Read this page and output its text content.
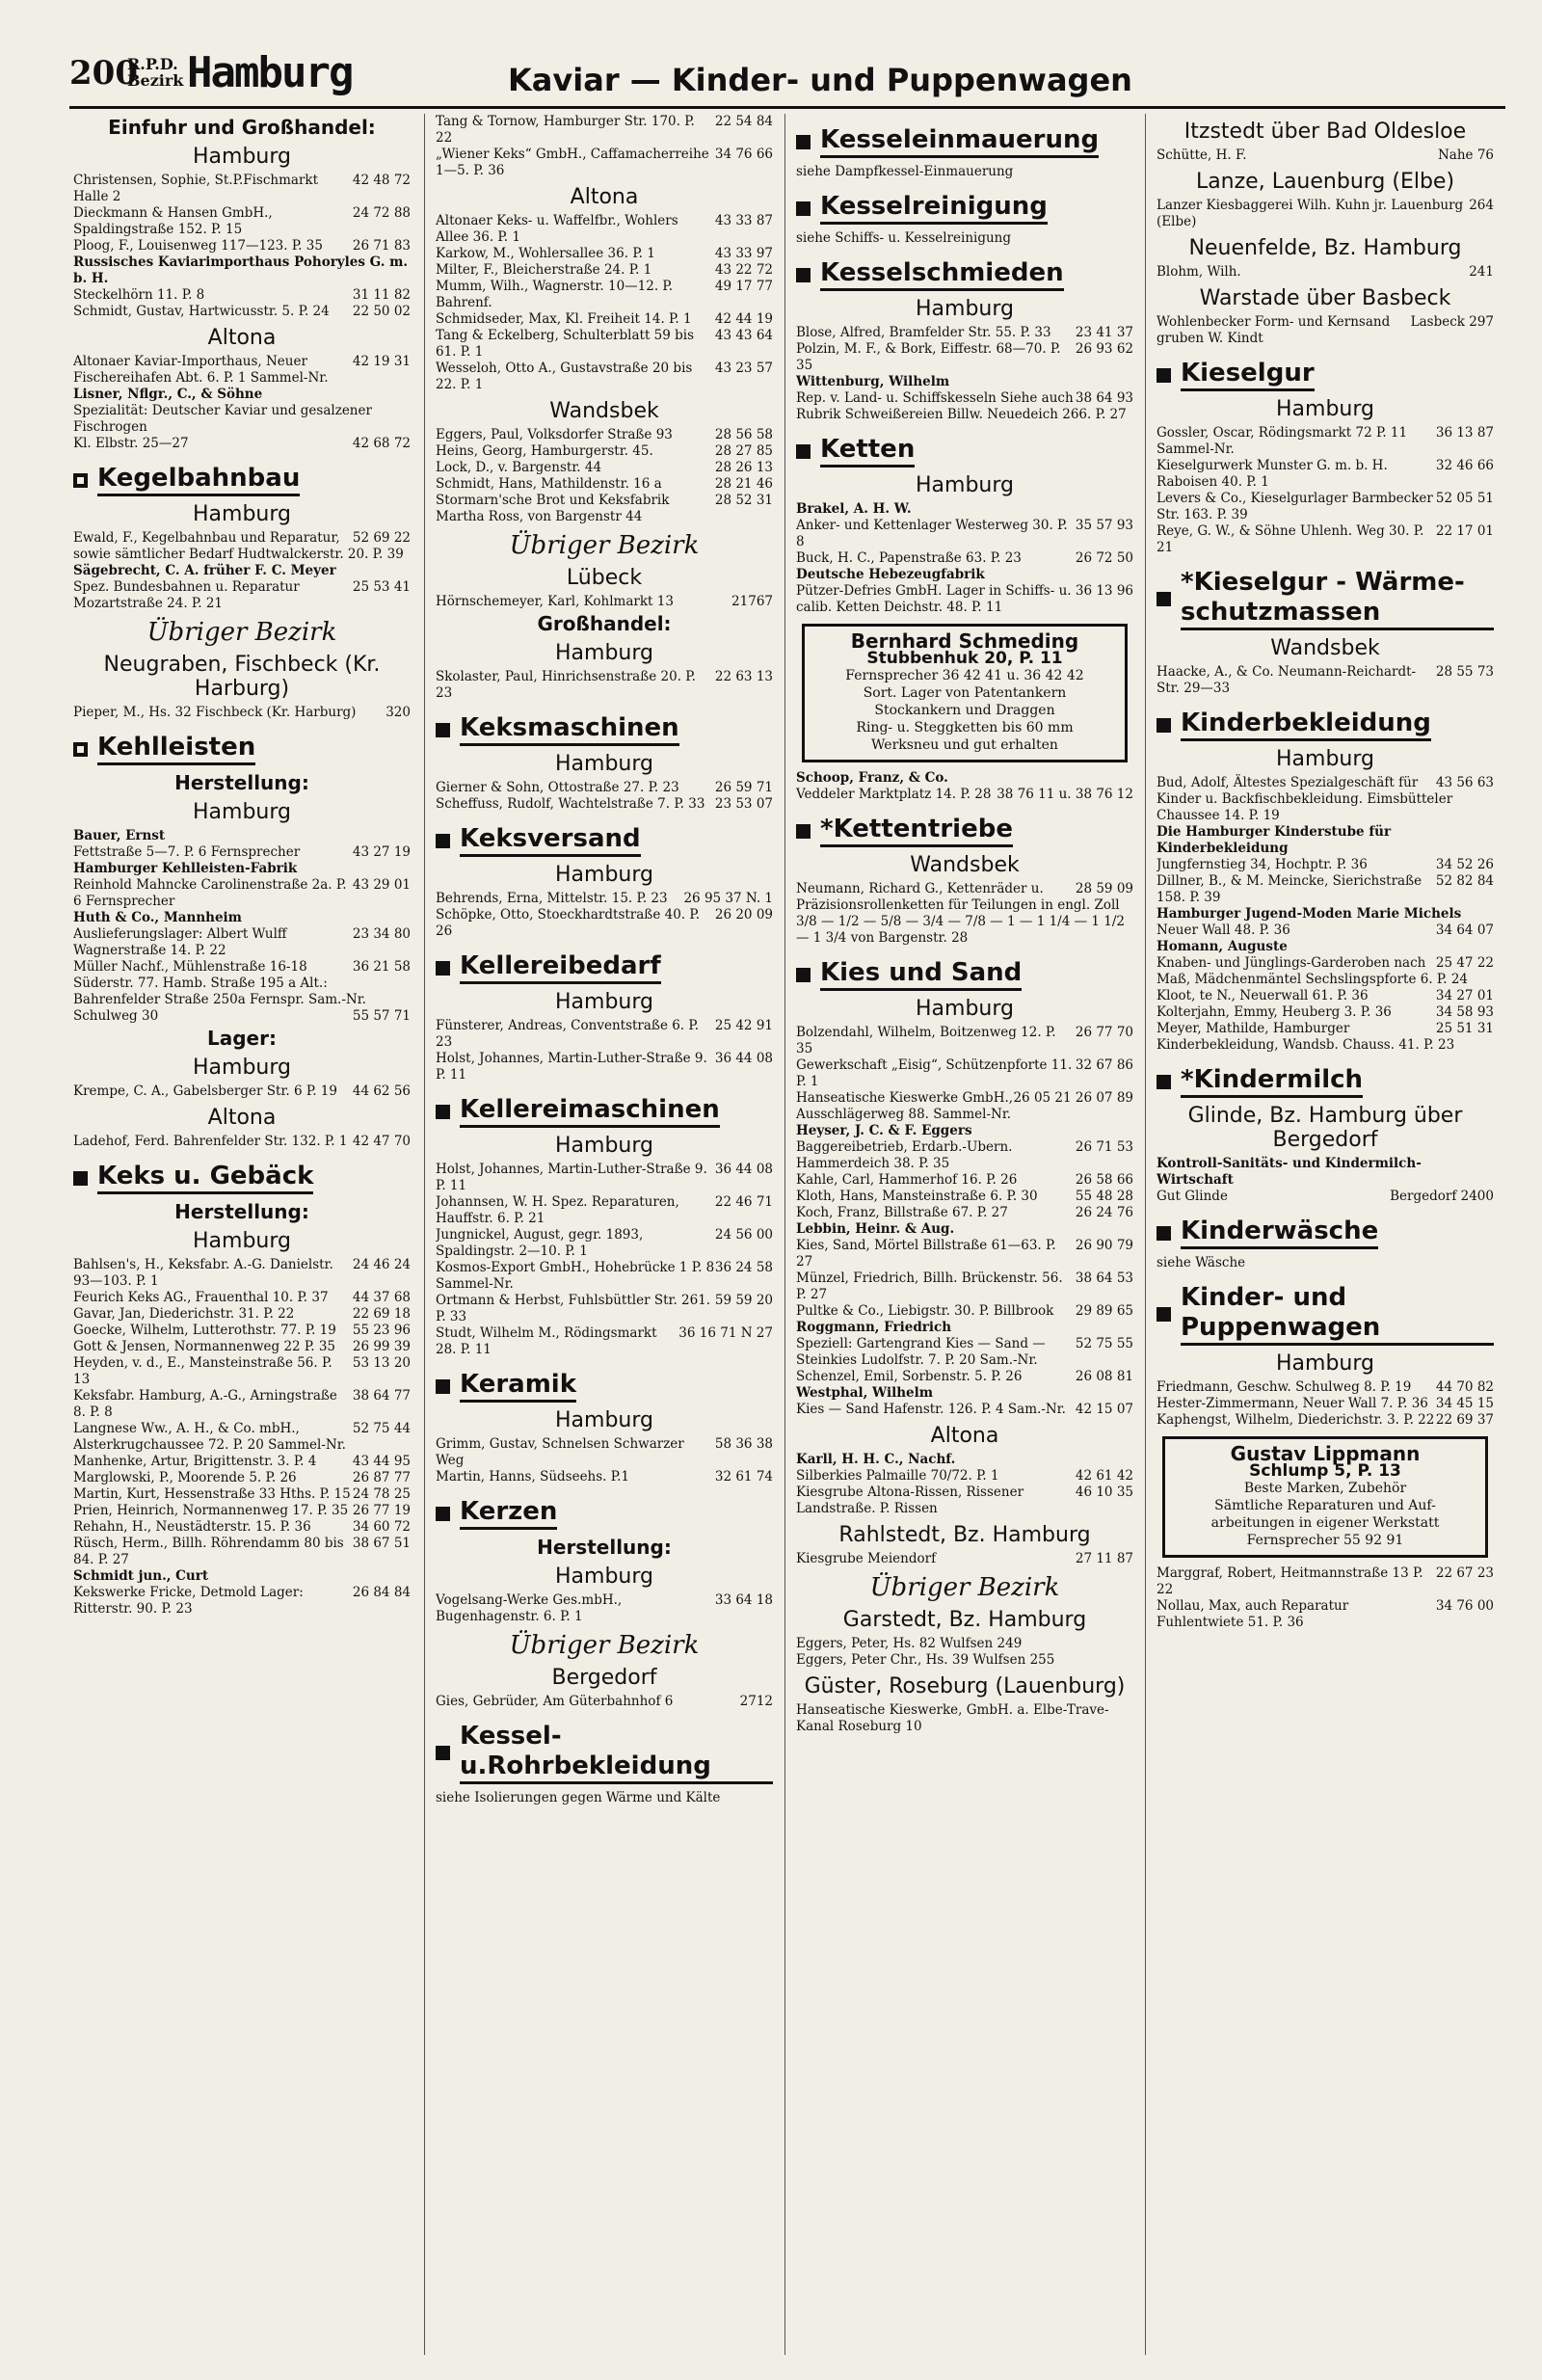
200
R.P.D.
Bezirk Hamburg	Kaviar — Kinder- und Puppenwagen
Einfuhr und Großhandel:
Hamburg
42 48 72
Christensen, Sophie, St.P.Fischmarkt Halle 2
24 72 88
Dieckmann & Hansen GmbH., Spaldingstraße 152. P. 15
26 71 83
Ploog, F., Louisenweg 117—123. P. 35
Russisches Kaviarimporthaus Pohoryles G. m. b. H.
31 11 82
Steckelhörn 11. P. 8
22 50 02
Schmidt, Gustav, Hartwicusstr. 5. P. 24
Altona
42 19 31
Altonaer Kaviar-Importhaus, Neuer Fischereihafen Abt. 6. P. 1 Sammel-Nr.
Lisner, Nflgr., C., & Söhne
Spezialität: Deutscher Kaviar und gesalzener Fischrogen
42 68 72
Kl. Elbstr. 25—27
Kegelbahnbau
Hamburg
52 69 22
Ewald, F., Kegelbahnbau und Reparatur, sowie sämtlicher Bedarf Hudtwalckerstr. 20. P. 39
Sägebrecht, C. A. früher F. C. Meyer
25 53 41
Spez. Bundesbahnen u. Reparatur Mozartstraße 24. P. 21
Übriger Bezirk
Neugraben, Fischbeck (Kr. Harburg)
320
Pieper, M., Hs. 32 Fischbeck (Kr. Harburg)
Kehlleisten
Herstellung:
Hamburg
Bauer, Ernst
43 27 19
Fettstraße 5—7. P. 6 Fernsprecher
Hamburger Kehlleisten-Fabrik
43 29 01
Reinhold Mahncke Carolinenstraße 2a. P. 6 Fernsprecher
Huth & Co., Mannheim
23 34 80
Auslieferungslager: Albert Wulff Wagnerstraße 14. P. 22
36 21 58
Müller Nachf., Mühlenstraße 16-18 Süderstr. 77. Hamb. Straße 195 a Alt.: Bahrenfelder Straße 250a Fernspr. Sam.-Nr.
55 57 71
Schulweg 30
Lager:
Hamburg
44 62 56
Krempe, C. A., Gabelsberger Str. 6 P. 19
Altona
42 47 70
Ladehof, Ferd. Bahrenfelder Str. 132. P. 1
Keks u. Gebäck
Herstellung:
Hamburg
24 46 24
Bahlsen's, H., Keksfabr. A.-G. Danielstr. 93—103. P. 1
44 37 68
Feurich Keks AG., Frauenthal 10. P. 37
22 69 18
Gavar, Jan, Diederichstr. 31. P. 22
55 23 96
Goecke, Wilhelm, Lutterothstr. 77. P. 19
26 99 39
Gott & Jensen, Normannenweg 22 P. 35
53 13 20
Heyden, v. d., E., Mansteinstraße 56. P. 13
38 64 77
Keksfabr. Hamburg, A.-G., Arningstraße 8. P. 8
52 75 44
Langnese Ww., A. H., & Co. mbH., Alsterkrugchaussee 72. P. 20 Sammel-Nr.
43 44 95
Manhenke, Artur, Brigittenstr. 3. P. 4
26 87 77
Marglowski, P., Moorende 5. P. 26
24 78 25
Martin, Kurt, Hessenstraße 33 Hths. P. 15
26 77 19
Prien, Heinrich, Normannenweg 17. P. 35
34 60 72
Rehahn, H., Neustädterstr. 15. P. 36
38 67 51
Rüsch, Herm., Billh. Röhrendamm 80 bis 84. P. 27
Schmidt jun., Curt
26 84 84
Kekswerke Fricke, Detmold Lager: Ritterstr. 90. P. 23
22 54 84
Tang & Tornow, Hamburger Str. 170. P. 22
34 76 66
„Wiener Keks“ GmbH., Caffamacherreihe 1—5. P. 36
Altona
43 33 87
Altonaer Keks- u. Waffelfbr., Wohlers Allee 36. P. 1
43 33 97
Karkow, M., Wohlersallee 36. P. 1
43 22 72
Milter, F., Bleicherstraße 24. P. 1
49 17 77
Mumm, Wilh., Wagnerstr. 10—12. P. Bahrenf.
42 44 19
Schmidseder, Max, Kl. Freiheit 14. P. 1
43 43 64
Tang & Eckelberg, Schulterblatt 59 bis 61. P. 1
43 23 57
Wesseloh, Otto A., Gustavstraße 20 bis 22. P. 1
Wandsbek
28 56 58
Eggers, Paul, Volksdorfer Straße 93
28 27 85
Heins, Georg, Hamburgerstr. 45.
28 26 13
Lock, D., v. Bargenstr. 44
28 21 46
Schmidt, Hans, Mathildenstr. 16 a
28 52 31
Stormarn'sche Brot und Keksfabrik Martha Ross, von Bargenstr 44
Übriger Bezirk
Lübeck
21767
Hörnschemeyer, Karl, Kohlmarkt 13
Großhandel:
Hamburg
22 63 13
Skolaster, Paul, Hinrichsenstraße 20. P. 23
Keksmaschinen
Hamburg
26 59 71
Gierner & Sohn, Ottostraße 27. P. 23
23 53 07
Scheffuss, Rudolf, Wachtelstraße 7. P. 33
Keksversand
Hamburg
26 95 37 N. 1
Behrends, Erna, Mittelstr. 15. P. 23
26 20 09
Schöpke, Otto, Stoeckhardtstraße 40. P. 26
Kellereibedarf
Hamburg
25 42 91
Fünsterer, Andreas, Conventstraße 6. P. 23
36 44 08
Holst, Johannes, Martin-Luther-Straße 9. P. 11
Kellereimaschinen
Hamburg
36 44 08
Holst, Johannes, Martin-Luther-Straße 9. P. 11
22 46 71
Johannsen, W. H. Spez. Reparaturen, Hauffstr. 6. P. 21
24 56 00
Jungnickel, August, gegr. 1893, Spaldingstr. 2—10. P. 1
36 24 58
Kosmos-Export GmbH., Hohebrücke 1 P. 8 Sammel-Nr.
59 59 20
Ortmann & Herbst, Fuhlsbüttler Str. 261. P. 33
36 16 71 N 27
Studt, Wilhelm M., Rödingsmarkt 28. P. 11
Keramik
Hamburg
58 36 38
Grimm, Gustav, Schnelsen Schwarzer Weg
32 61 74
Martin, Hanns, Südseehs. P.1
Kerzen
Herstellung:
Hamburg
33 64 18
Vogelsang-Werke Ges.mbH., Bugenhagenstr. 6. P. 1
Übriger Bezirk
Bergedorf
2712
Gies, Gebrüder, Am Güterbahnhof 6
Kessel-u.Rohrbekleidung
siehe Isolierungen gegen Wärme und Kälte
Kesseleinmauerung
siehe Dampfkessel-Einmauerung
Kesselreinigung
siehe Schiffs- u. Kesselreinigung
Kesselschmieden
Hamburg
23 41 37
Blose, Alfred, Bramfelder Str. 55. P. 33
26 93 62
Polzin, M. F., & Bork, Eiffestr. 68—70. P. 35
Wittenburg, Wilhelm
38 64 93
Rep. v. Land- u. Schiffskesseln Siehe auch Rubrik Schweißereien Billw. Neuedeich 266. P. 27
Ketten
Hamburg
Brakel, A. H. W.
35 57 93
Anker- und Kettenlager Westerweg 30. P. 8
26 72 50
Buck, H. C., Papenstraße 63. P. 23
Deutsche Hebezeugfabrik
36 13 96
Pützer-Defries GmbH. Lager in Schiffs- u. calib. Ketten Deichstr. 48. P. 11
Bernhard Schmeding
Stubbenhuk 20, P. 11
Fernsprecher 36 42 41 u. 36 42 42
Sort. Lager von Patentankern
Stockankern und Draggen
Ring- u. Steggketten bis 60 mm
Werksneu und gut erhalten
Schoop, Franz, & Co.
38 76 11 u. 38 76 12
Veddeler Marktplatz 14. P. 28
*Kettentriebe
Wandsbek
28 59 09
Neumann, Richard G., Kettenräder u. Präzisionsrollenketten für Teilungen in engl. Zoll 3/8 — 1/2 — 5/8 — 3/4 — 7/8 — 1 — 1 1/4 — 1 1/2 — 1 3/4 von Bargenstr. 28
Kies und Sand
Hamburg
26 77 70
Bolzendahl, Wilhelm, Boitzenweg 12. P. 35
32 67 86
Gewerkschaft „Eisig“, Schützenpforte 11. P. 1
26 05 21 26 07 89
Hanseatische Kieswerke GmbH., Ausschlägerweg 88. Sammel-Nr.
Heyser, J. C. & F. Eggers
26 71 53
Baggereibetrieb, Erdarb.-Ubern. Hammerdeich 38. P. 35
26 58 66
Kahle, Carl, Hammerhof 16. P. 26
55 48 28
Kloth, Hans, Mansteinstraße 6. P. 30
26 24 76
Koch, Franz, Billstraße 67. P. 27
Lebbin, Heinr. & Aug.
26 90 79
Kies, Sand, Mörtel Billstraße 61—63. P. 27
38 64 53
Münzel, Friedrich, Billh. Brückenstr. 56. P. 27
29 89 65
Pultke & Co., Liebigstr. 30. P. Billbrook
Roggmann, Friedrich
52 75 55
Speziell: Gartengrand Kies — Sand — Steinkies Ludolfstr. 7. P. 20 Sam.-Nr.
26 08 81
Schenzel, Emil, Sorbenstr. 5. P. 26
Westphal, Wilhelm
42 15 07
Kies — Sand Hafenstr. 126. P. 4 Sam.-Nr.
Altona
Karll, H. H. C., Nachf.
42 61 42
Silberkies Palmaille 70/72. P. 1
46 10 35
Kiesgrube Altona-Rissen, Rissener Landstraße. P. Rissen
Rahlstedt, Bz. Hamburg
27 11 87
Kiesgrube Meiendorf
Übriger Bezirk
Garstedt, Bz. Hamburg
Eggers, Peter, Hs. 82 Wulfsen 249
Eggers, Peter Chr., Hs. 39 Wulfsen 255
Güster, Roseburg (Lauenburg)
Hanseatische Kieswerke, GmbH. a. Elbe-Trave-Kanal Roseburg 10
Itzstedt über Bad Oldesloe
Nahe 76
Schütte, H. F.
Lanze, Lauenburg (Elbe)
264
Lanzer Kiesbaggerei Wilh. Kuhn jr. Lauenburg (Elbe)
Neuenfelde, Bz. Hamburg
241
Blohm, Wilh.
Warstade über Basbeck
Lasbeck 297
Wohlenbecker Form- und Kernsand gruben W. Kindt
Kieselgur
Hamburg
36 13 87
Gossler, Oscar, Rödingsmarkt 72 P. 11 Sammel-Nr.
32 46 66
Kieselgurwerk Munster G. m. b. H. Raboisen 40. P. 1
52 05 51
Levers & Co., Kieselgurlager Barmbecker Str. 163. P. 39
22 17 01
Reye, G. W., & Söhne Uhlenh. Weg 30. P. 21
*Kieselgur - Wärme-schutzmassen
Wandsbek
28 55 73
Haacke, A., & Co. Neumann-Reichardt-Str. 29—33
Kinderbekleidung
Hamburg
43 56 63
Bud, Adolf, Ältestes Spezialgeschäft für Kinder u. Backfischbekleidung. Eimsbütteler Chaussee 14. P. 19
Die Hamburger Kinderstube für Kinderbekleidung
34 52 26
Jungfernstieg 34, Hochptr. P. 36
52 82 84
Dillner, B., & M. Meincke, Sierichstraße 158. P. 39
Hamburger Jugend-Moden Marie Michels
34 64 07
Neuer Wall 48. P. 36
Homann, Auguste
25 47 22
Knaben- und Jünglings-Garderoben nach Maß, Mädchenmäntel Sechslingspforte 6. P. 24
34 27 01
Kloot, te N., Neuerwall 61. P. 36
34 58 93
Kolterjahn, Emmy, Heuberg 3. P. 36
25 51 31
Meyer, Mathilde, Hamburger Kinderbekleidung, Wandsb. Chauss. 41. P. 23
*Kindermilch
Glinde, Bz. Hamburg über Bergedorf
Kontroll-Sanitäts- und Kindermilch-Wirtschaft
Bergedorf 2400
Gut Glinde
Kinderwäsche
siehe Wäsche
Kinder- und Puppenwagen
Hamburg
44 70 82
Friedmann, Geschw. Schulweg 8. P. 19
34 45 15
Hester-Zimmermann, Neuer Wall 7. P. 36
22 69 37
Kaphengst, Wilhelm, Diederichstr. 3. P. 22
Gustav Lippmann
Schlump 5, P. 13
Beste Marken, Zubehör
Sämtliche Reparaturen und Auf-
arbeitungen in eigener Werkstatt
Fernsprecher 55 92 91
22 67 23
Marggraf, Robert, Heitmannstraße 13 P. 22
34 76 00
Nollau, Max, auch Reparatur Fuhlentwiete 51. P. 36
